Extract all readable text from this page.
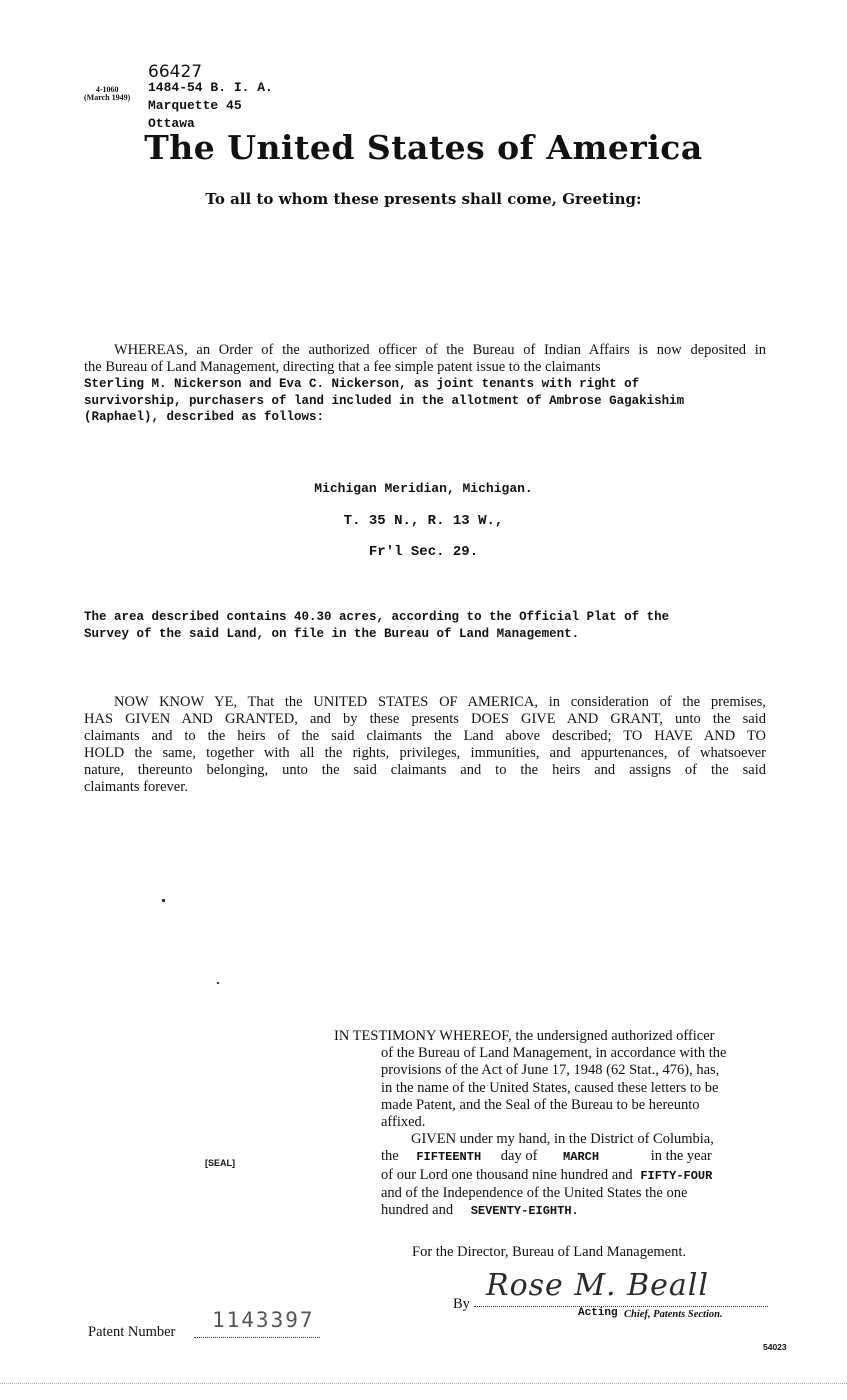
4-1060
(March 1949)
66427
1484-54 B. I. A.
Marquette 45
Ottawa
The United States of America
To all to whom these presents shall come, Greeting:
WHEREAS, an Order of the authorized officer of the Bureau of Indian Affairs is now deposited in
the Bureau of Land Management, directing that a fee simple patent issue to the claimants
Sterling M. Nickerson and Eva C. Nickerson, as joint tenants with right of
survivorship, purchasers of land included in the allotment of Ambrose Gagakishim
(Raphael), described as follows:
Michigan Meridian, Michigan.
T. 35 N., R. 13 W.,
Fr'l Sec. 29.
The area described contains 40.30 acres, according to the Official Plat of the
Survey of the said Land, on file in the Bureau of Land Management.
NOW KNOW YE, That the UNITED STATES OF AMERICA, in consideration of the premises,
HAS GIVEN AND GRANTED, and by these presents DOES GIVE AND GRANT, unto the said
claimants and to the heirs of the said claimants the Land above described; TO HAVE AND TO
HOLD the same, together with all the rights, privileges, immunities, and appurtenances, of whatsoever
nature, thereunto belonging, unto the said claimants and to the heirs and assigns of the said
claimants forever.
IN TESTIMONY WHEREOF, the undersigned authorized officer
of the Bureau of Land Management, in accordance with the
provisions of the Act of June 17, 1948 (62 Stat., 476), has,
in the name of the United States, caused these letters to be
made Patent, and the Seal of the Bureau to be hereunto
affixed.
GIVEN under my hand, in the District of Columbia,
the FIFTEENTH day of MARCH	in the year
of our Lord one thousand nine hundred and FIFTY-FOUR
and of the Independence of the United States the one
hundred and SEVENTY-EIGHTH.
[SEAL]
For the Director, Bureau of Land Management.
By
Rose M. Beall
Acting Chief, Patents Section.
Patent Number 1143397
54023
